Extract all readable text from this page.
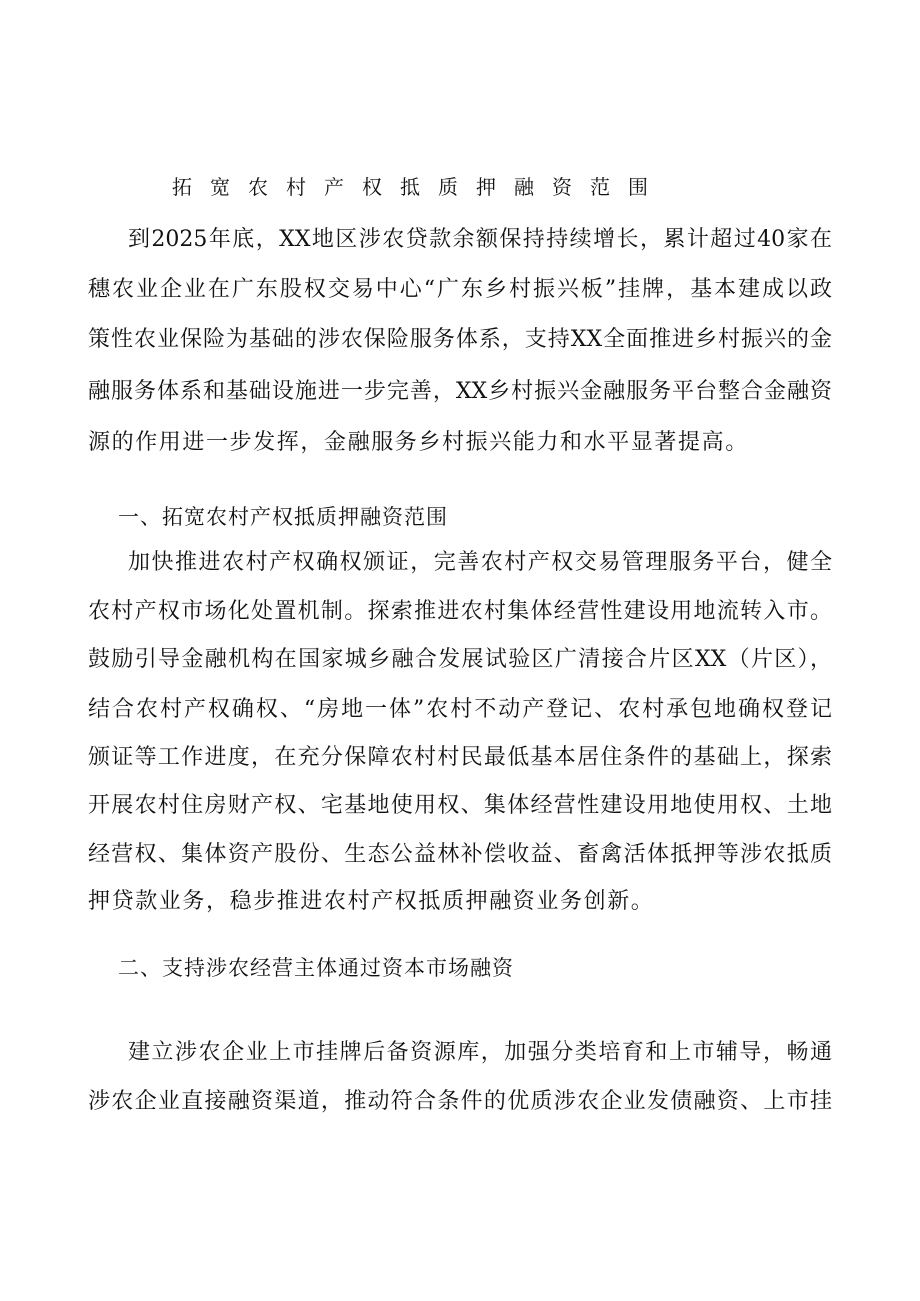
拓宽农村产权抵质押融资范围
到2025年底，XX地区涉农贷款余额保持持续增长，累计超过40家在
穗农业企业在广东股权交易中心“广东乡村振兴板”挂牌，基本建成以政
策性农业保险为基础的涉农保险服务体系，支持XX全面推进乡村振兴的金
融服务体系和基础设施进一步完善，XX乡村振兴金融服务平台整合金融资
源的作用进一步发挥，金融服务乡村振兴能力和水平显著提高。
一、拓宽农村产权抵质押融资范围
加快推进农村产权确权颁证，完善农村产权交易管理服务平台，健全
农村产权市场化处置机制。探索推进农村集体经营性建设用地流转入市。
鼓励引导金融机构在国家城乡融合发展试验区广清接合片区XX（片区），
结合农村产权确权、“房地一体”农村不动产登记、农村承包地确权登记
颁证等工作进度，在充分保障农村村民最低基本居住条件的基础上，探索
开展农村住房财产权、宅基地使用权、集体经营性建设用地使用权、土地
经营权、集体资产股份、生态公益林补偿收益、畜禽活体抵押等涉农抵质
押贷款业务，稳步推进农村产权抵质押融资业务创新。
二、支持涉农经营主体通过资本市场融资
建立涉农企业上市挂牌后备资源库，加强分类培育和上市辅导，畅通
涉农企业直接融资渠道，推动符合条件的优质涉农企业发债融资、上市挂
